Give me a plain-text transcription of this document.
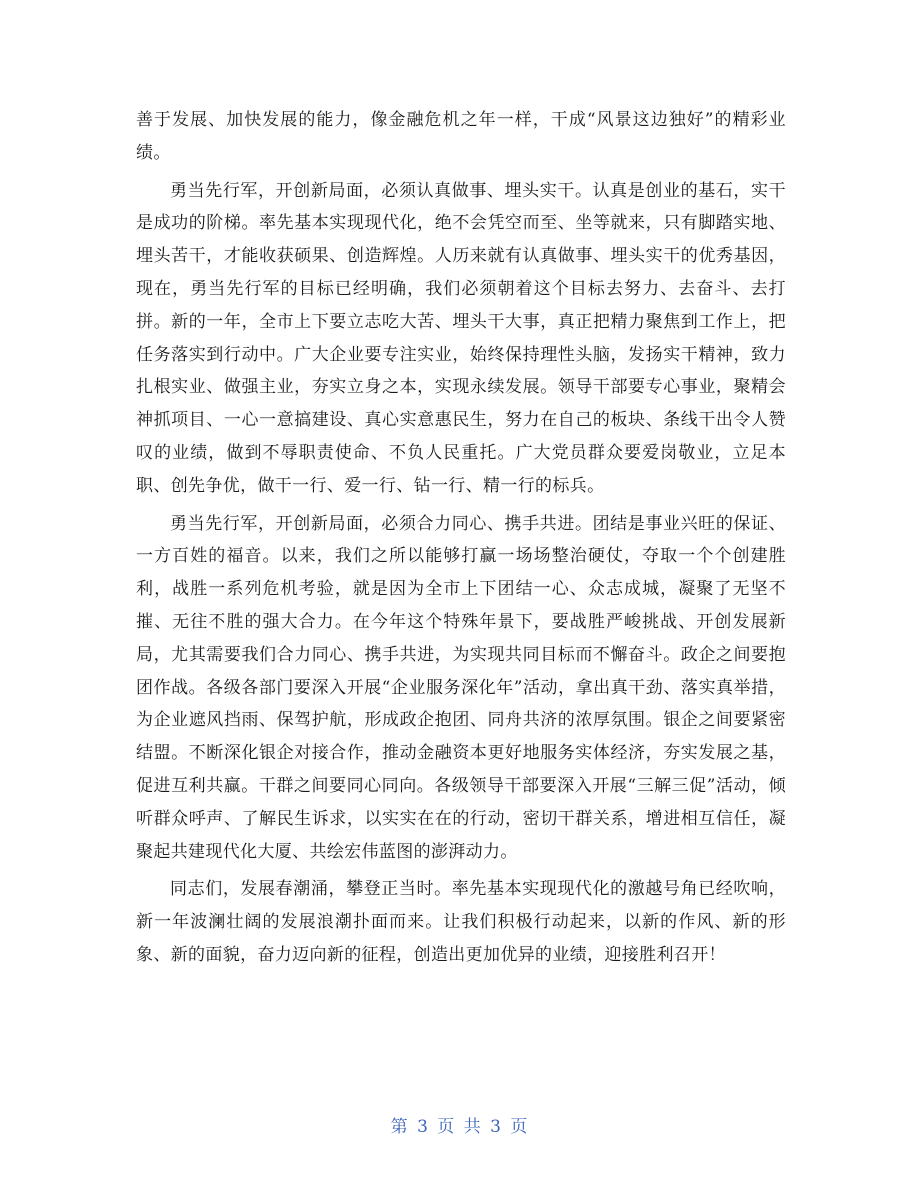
善于发展、加快发展的能力，像金融危机之年一样，干成“风景这边独好”的精彩业绩。

勇当先行军，开创新局面，必须认真做事、埋头实干。认真是创业的基石，实干是成功的阶梯。率先基本实现现代化，绝不会凭空而至、坐等就来，只有脚踏实地、埋头苦干，才能收获硕果、创造辉煌。人历来就有认真做事、埋头实干的优秀基因，现在，勇当先行军的目标已经明确，我们必须朝着这个目标去努力、去奋斗、去打拼。新的一年，全市上下要立志吃大苦、埋头干大事，真正把精力聚焦到工作上，把任务落实到行动中。广大企业要专注实业，始终保持理性头脑，发扬实干精神，致力扎根实业、做强主业，夯实立身之本，实现永续发展。领导干部要专心事业，聚精会神抓项目、一心一意搞建设、真心实意惠民生，努力在自己的板块、条线干出令人赞叹的业绩，做到不辱职责使命、不负人民重托。广大党员群众要爱岗敬业，立足本职、创先争优，做干一行、爱一行、钻一行、精一行的标兵。

勇当先行军，开创新局面，必须合力同心、携手共进。团结是事业兴旺的保证、一方百姓的福音。以来，我们之所以能够打赢一场场整治硬仗，夺取一个个创建胜利，战胜一系列危机考验，就是因为全市上下团结一心、众志成城，凝聚了无坚不摧、无往不胜的强大合力。在今年这个特殊年景下，要战胜严峻挑战、开创发展新局，尤其需要我们合力同心、携手共进，为实现共同目标而不懈奋斗。政企之间要抱团作战。各级各部门要深入开展“企业服务深化年”活动，拿出真干劲、落实真举措，为企业遮风挡雨、保驾护航，形成政企抱团、同舟共济的浓厚氛围。银企之间要紧密结盟。不断深化银企对接合作，推动金融资本更好地服务实体经济，夯实发展之基，促进互利共赢。干群之间要同心同向。各级领导干部要深入开展“三解三促”活动，倾听群众呼声、了解民生诉求，以实实在在的行动，密切干群关系，增进相互信任，凝聚起共建现代化大厦、共绘宏伟蓝图的澎湃动力。

同志们，发展春潮涌，攀登正当时。率先基本实现现代化的激越号角已经吹响，新一年波澜壮阔的发展浪潮扑面而来。让我们积极行动起来，以新的作风、新的形象、新的面貌，奋力迈向新的征程，创造出更加优异的业绩，迎接胜利召开！

第 3 页 共 3 页
